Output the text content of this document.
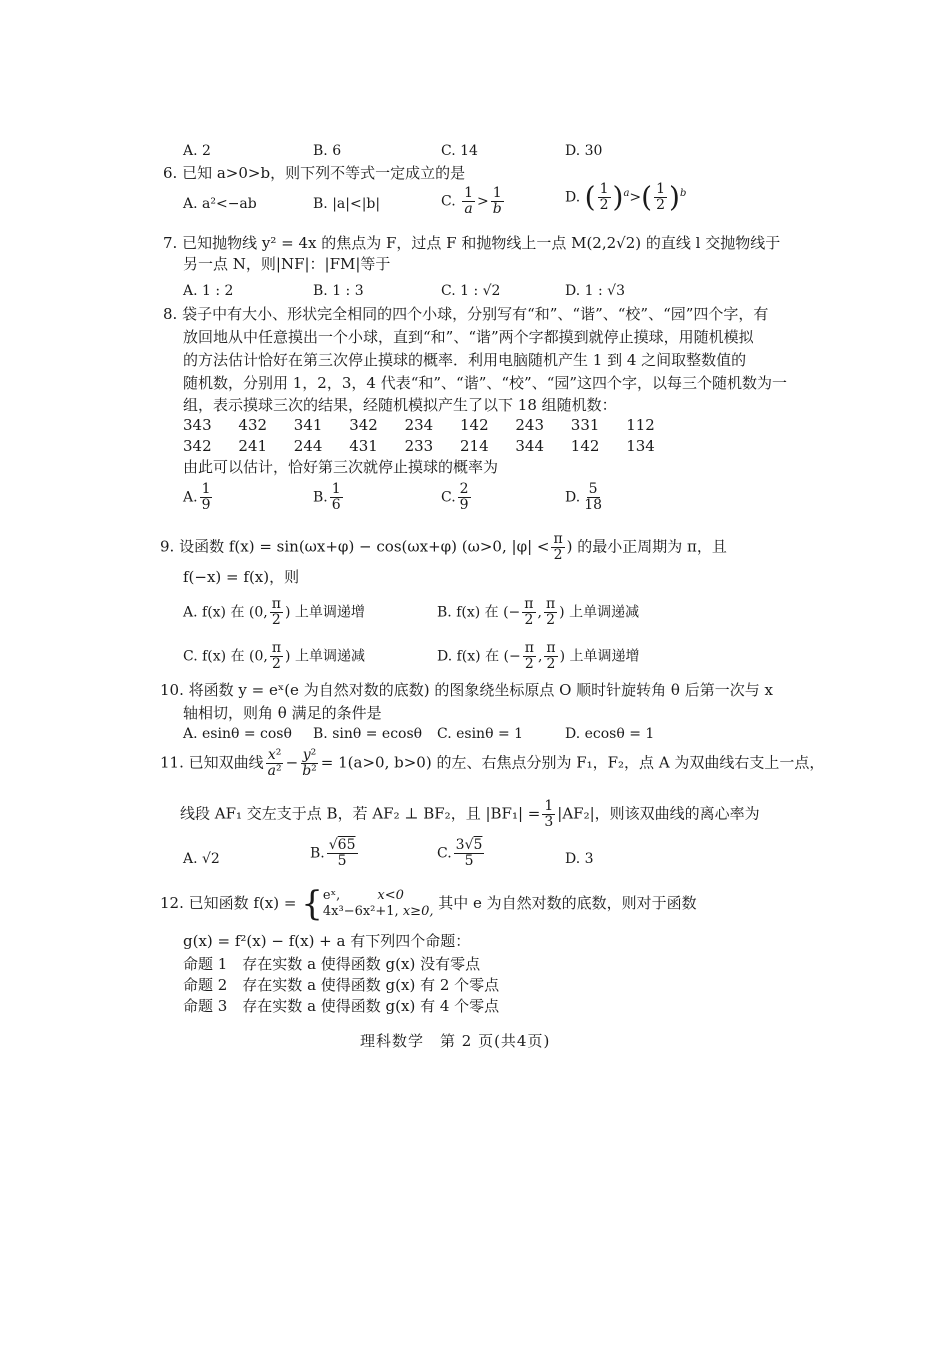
A. 2	B. 6	C. 14	D. 30
6. 已知 a>0>b，则下列不等式一定成立的是
A. a²<−ab	B. |a|<|b|	C. $\frac{1}{a} > \frac{1}{b}$	D. ( $\frac{1}{2} )^a>( \frac{1}{2} )^b$
7. 已知抛物线 y² = 4x 的焦点为 F，过点 F 和抛物线上一点 M(2,2√2) 的直线 l 交抛物线于
另一点 N，则|NF|：|FM|等于
A. 1 : 2	B. 1 : 3	C. 1 : √2	D. 1 : √3
8. 袋子中有大小、形状完全相同的四个小球，分别写有“和”、“谐”、“校”、“园”四个字，有
放回地从中任意摸出一个小球，直到“和”、“谐”两个字都摸到就停止摸球，用随机模拟
的方法估计恰好在第三次停止摸球的概率．利用电脑随机产生 1 到 4 之间取整数值的
随机数，分别用 1，2，3，4 代表“和”、“谐”、“校”、“园”这四个字，以每三个随机数为一
组，表示摸球三次的结果，经随机模拟产生了以下 18 组随机数：
343 432 341 342 234 142 243 331 112
342 241 244 431 233 214 344 142 134
由此可以估计，恰好第三次就停止摸球的概率为
A. $\frac{1}{9}$	B. $\frac{1}{6}$	C. $\frac{2}{9}$	D. $\frac{5}{18}$
9. 设函数 f(x) = sin(ωx+φ) − cos(ωx+φ) (ω>0, $|\varphi| < \frac{\pi}{2}$ ) 的最小正周期为 π，且
f(−x) = f(x)，则
A. f(x) 在 (0, $\frac{\pi}{2}$ ) 上单调递增	B. f(x) 在 (− $\frac{\pi}{2}$ , $\frac{\pi}{2}$ ) 上单调递减
C. f(x) 在 (0, $\frac{\pi}{2}$ ) 上单调递减	D. f(x) 在 (− $\frac{\pi}{2}$ , $\frac{\pi}{2}$ ) 上单调递增
10. 将函数 y = eˣ(e 为自然对数的底数) 的图象绕坐标原点 O 顺时针旋转角 θ 后第一次与 x
轴相切，则角 θ 满足的条件是
A. esinθ = cosθ B. sinθ = ecosθ C. esinθ = 1	D. ecosθ = 1
11. 已知双曲线 $\frac{\text{x²}}{\text{a²}} - \frac{\text{y²}}{\text{b²}} = 1(a>0$, b>0) 的左、右焦点分别为 F₁，F₂，点 A 为双曲线右支上一点，
线段 AF₁ 交左支于点 B，若 AF₂ ⊥ BF₂，且 $|BF_1| = \frac{1}{3} |AF_2|$，则该双曲线的离心率为
A. √2	B. $\frac{√65}{5}$	C. $\frac{3√5}{5}$	D. 3
12. 已知函数 f(x) = { eˣ,	x<0
4x³−6x²+1, x≥0, 其中 e 为自然对数的底数，则对于函数
g(x) = f²(x) − f(x) + a 有下列四个命题：
命题 1　存在实数 a 使得函数 g(x) 没有零点
命题 2　存在实数 a 使得函数 g(x) 有 2 个零点
命题 3　存在实数 a 使得函数 g(x) 有 4 个零点
理科数学　第 2 页(共4页)
